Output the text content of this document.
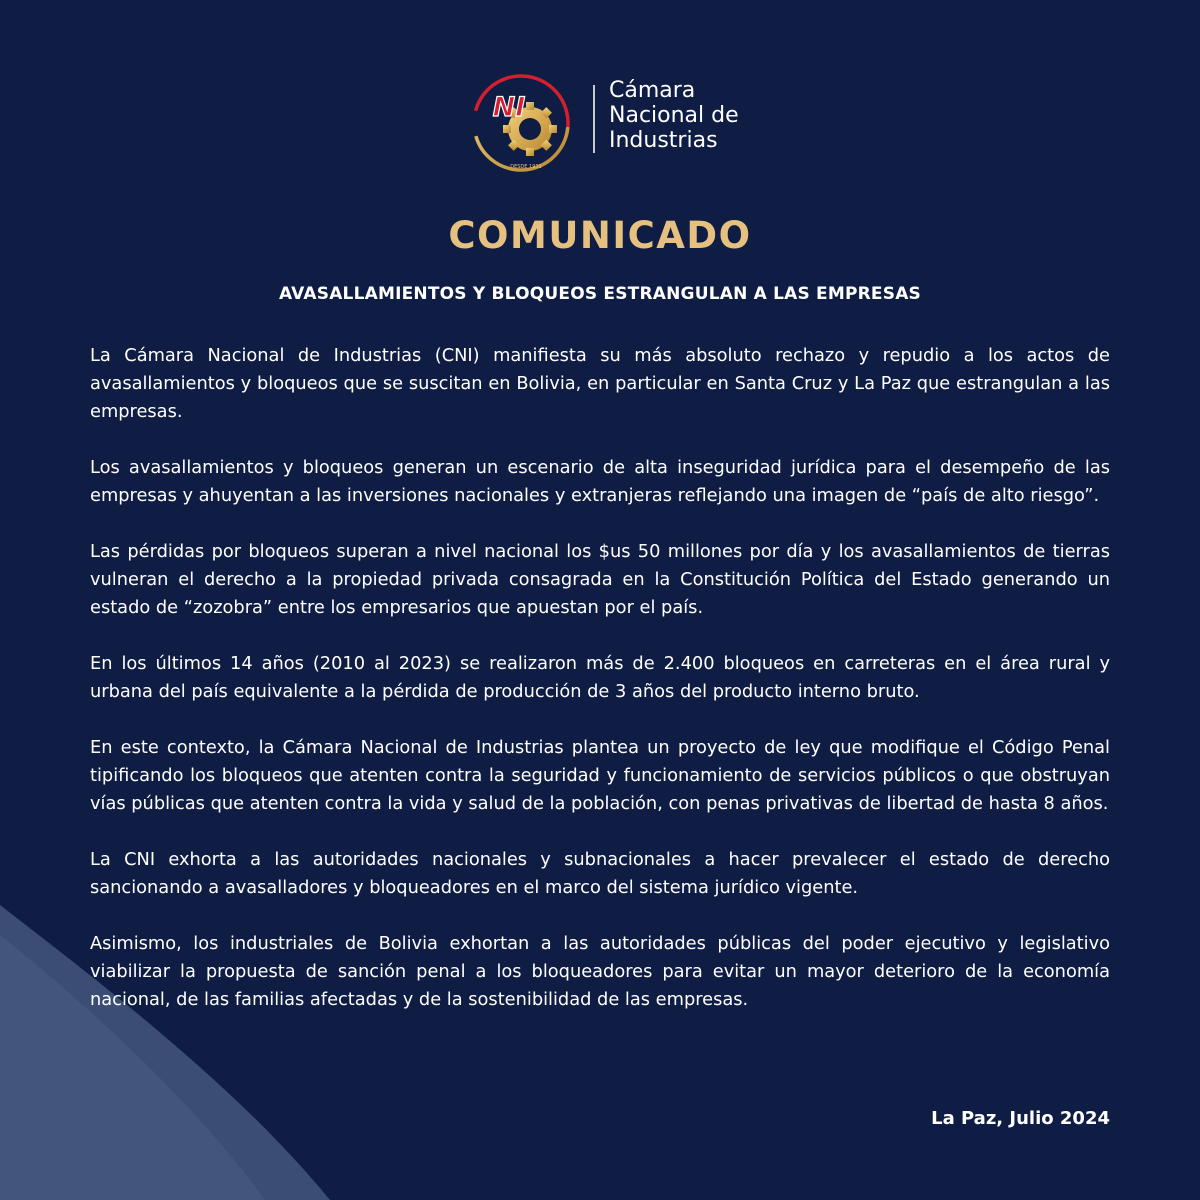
NI
DESDE 1931
Cámara
Nacional de
Industrias
COMUNICADO
AVASALLAMIENTOS Y BLOQUEOS ESTRANGULAN A LAS EMPRESAS

La Cámara Nacional de Industrias (CNI) manifiesta su más absoluto rechazo y repudio a los actos de avasallamientos y bloqueos que se suscitan en Bolivia, en particular en Santa Cruz y La Paz que estrangulan a las empresas.

Los avasallamientos y bloqueos generan un escenario de alta inseguridad jurídica para el desempeño de las empresas y ahuyentan a las inversiones nacionales y extranjeras reflejando una imagen de “país de alto riesgo”.

Las pérdidas por bloqueos superan a nivel nacional los $us 50 millones por día y los avasallamientos de tierras vulneran el derecho a la propiedad privada consagrada en la Constitución Política del Estado generando un estado de “zozobra” entre los empresarios que apuestan por el país.

En los últimos 14 años (2010 al 2023) se realizaron más de 2.400 bloqueos en carreteras en el área rural y urbana del país equivalente a la pérdida de producción de 3 años del producto interno bruto.

En este contexto, la Cámara Nacional de Industrias plantea un proyecto de ley que modifique el Código Penal tipificando los bloqueos que atenten contra la seguridad y funcionamiento de servicios públicos o que obstruyan vías públicas que atenten contra la vida y salud de la población, con penas privativas de libertad de hasta 8 años.

La CNI exhorta a las autoridades nacionales y subnacionales a hacer prevalecer el estado de derecho sancionando a avasalladores y bloqueadores en el marco del sistema jurídico vigente.

Asimismo, los industriales de Bolivia exhortan a las autoridades públicas del poder ejecutivo y legislativo viabilizar la propuesta de sanción penal a los bloqueadores para evitar un mayor deterioro de la economía nacional, de las familias afectadas y de la sostenibilidad de las empresas.

La Paz, Julio 2024
